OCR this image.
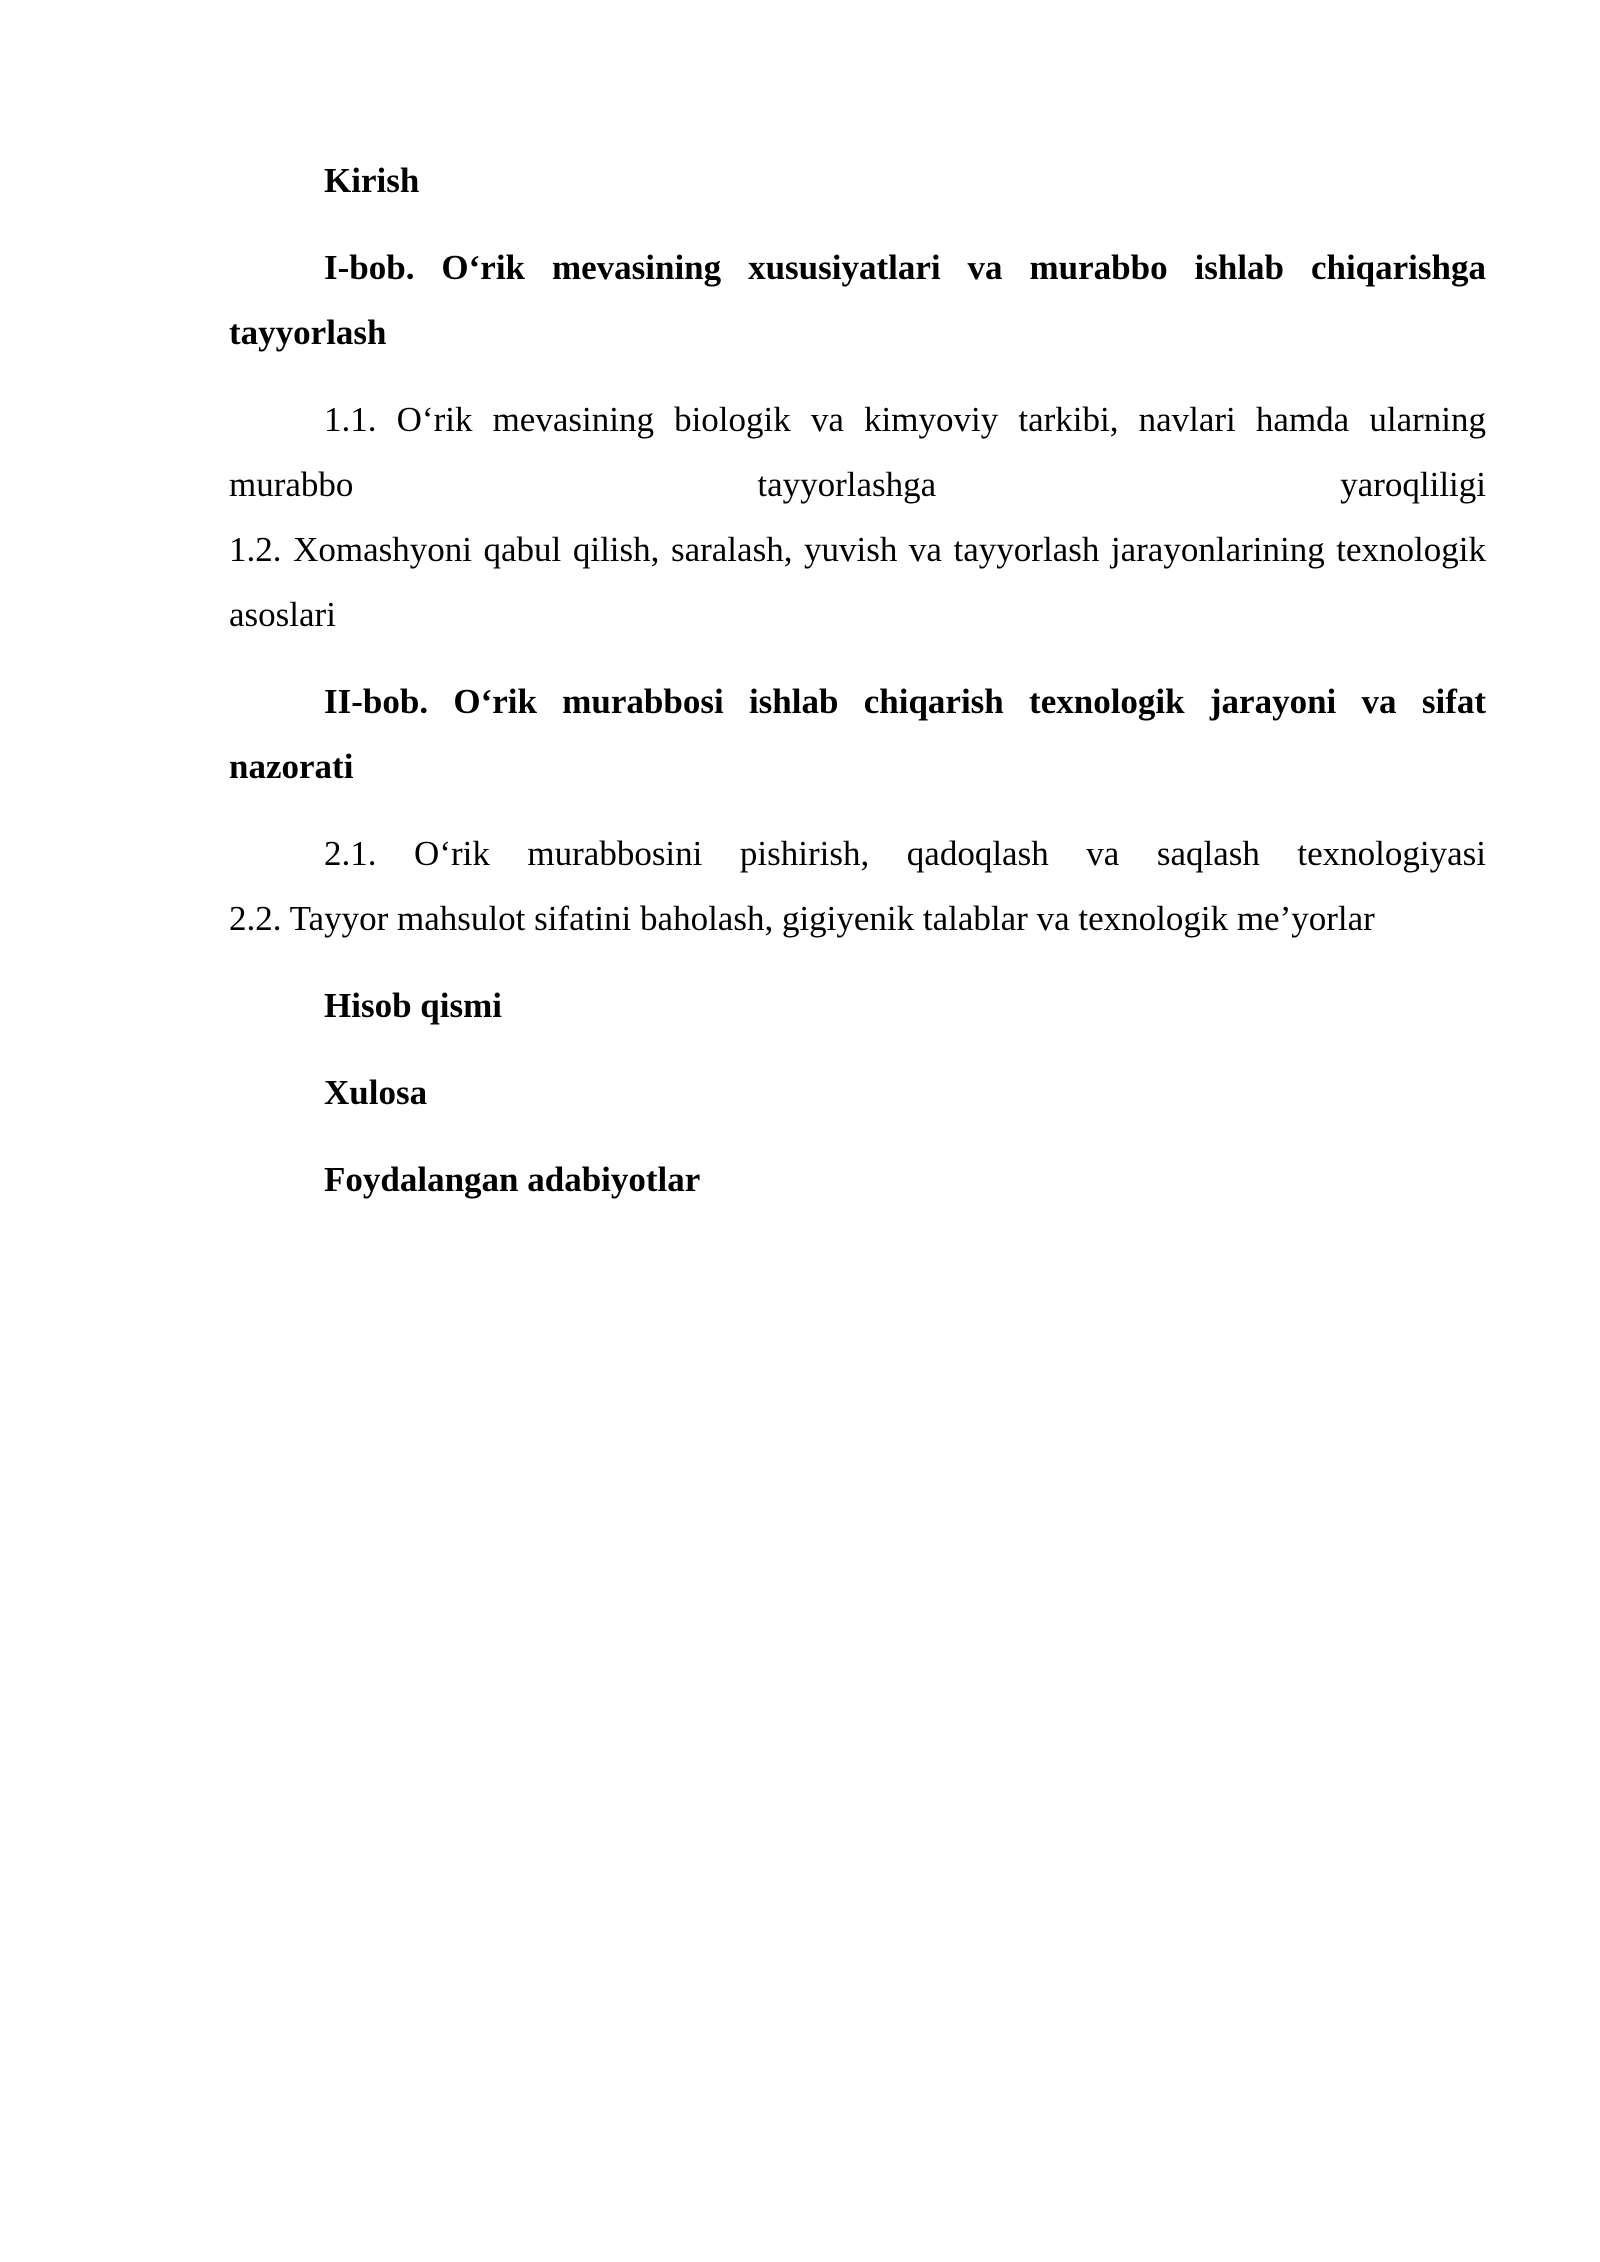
Kirish

I-bob. O‘rik mevasining xususiyatlari va murabbo ishlab chiqarishga tayyorlash

1.1. O‘rik mevasining biologik va kimyoviy tarkibi, navlari hamda ularning murabbo tayyorlashga yaroqliligi
1.2. Xomashyoni qabul qilish, saralash, yuvish va tayyorlash jarayonlarining texnologik asoslari

II-bob. O‘rik murabbosi ishlab chiqarish texnologik jarayoni va sifat nazorati

2.1. O‘rik murabbosini pishirish, qadoqlash va saqlash texnologiyasi
2.2. Tayyor mahsulot sifatini baholash, gigiyenik talablar va texnologik me’yorlar

Hisob qismi

Xulosa

Foydalangan adabiyotlar
